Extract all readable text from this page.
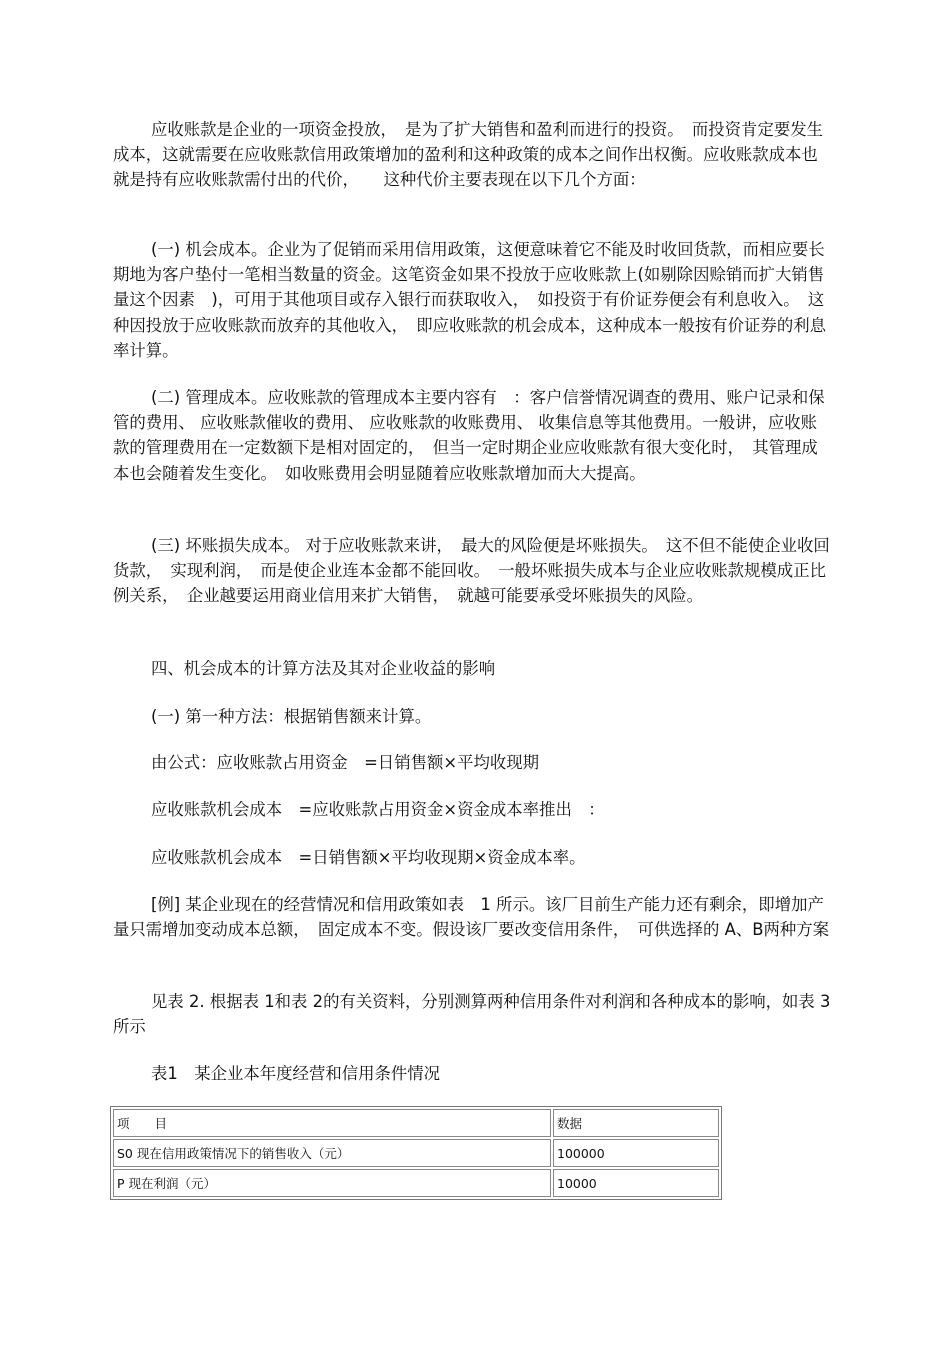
应收账款是企业的一项资金投放，　是为了扩大销售和盈利而进行的投资。　而投资肯定要发生成本，这就需要在应收账款信用政策增加的盈利和这种政策的成本之间作出权衡。应收账款成本也就是持有应收账款需付出的代价，　　这种代价主要表现在以下几个方面：

(一) 机会成本。企业为了促销而采用信用政策，这便意味着它不能及时收回货款，而相应要长期地为客户垫付一笔相当数量的资金。这笔资金如果不投放于应收账款上(如剔除因赊销而扩大销售量这个因素　)，可用于其他项目或存入银行而获取收入，　如投资于有价证券便会有利息收入。　这种因投放于应收账款而放弃的其他收入，　即应收账款的机会成本，这种成本一般按有价证券的利息率计算。

(二) 管理成本。应收账款的管理成本主要内容有　：客户信誉情况调查的费用、账户记录和保管的费用、 应收账款催收的费用、 应收账款的收账费用、 收集信息等其他费用。一般讲，应收账款的管理费用在一定数额下是相对固定的，　但当一定时期企业应收账款有很大变化时，　其管理成本也会随着发生变化。　如收账费用会明显随着应收账款增加而大大提高。

(三) 坏账损失成本。 对于应收账款来讲，　最大的风险便是坏账损失。　这不但不能使企业收回货款，　实现利润，　而是使企业连本金都不能回收。　一般坏账损失成本与企业应收账款规模成正比例关系，　企业越要运用商业信用来扩大销售，　就越可能要承受坏账损失的风险。

四、机会成本的计算方法及其对企业收益的影响

(一) 第一种方法：根据销售额来计算。

由公式：应收账款占用资金　=日销售额×平均收现期

应收账款机会成本　=应收账款占用资金×资金成本率推出　：

应收账款机会成本　=日销售额×平均收现期×资金成本率。

[例] 某企业现在的经营情况和信用政策如表　1 所示。该厂目前生产能力还有剩余，即增加产量只需增加变动成本总额，　固定成本不变。假设该厂要改变信用条件，　可供选择的 A、B两种方案

见表 2. 根据表 1和表 2的有关资料，分别测算两种信用条件对利润和各种成本的影响，如表 3所示

表1　某企业本年度经营和信用条件情况

项　　目	数据
S0 现在信用政策情况下的销售收入（元）	100000
P 现在利润（元）	10000
